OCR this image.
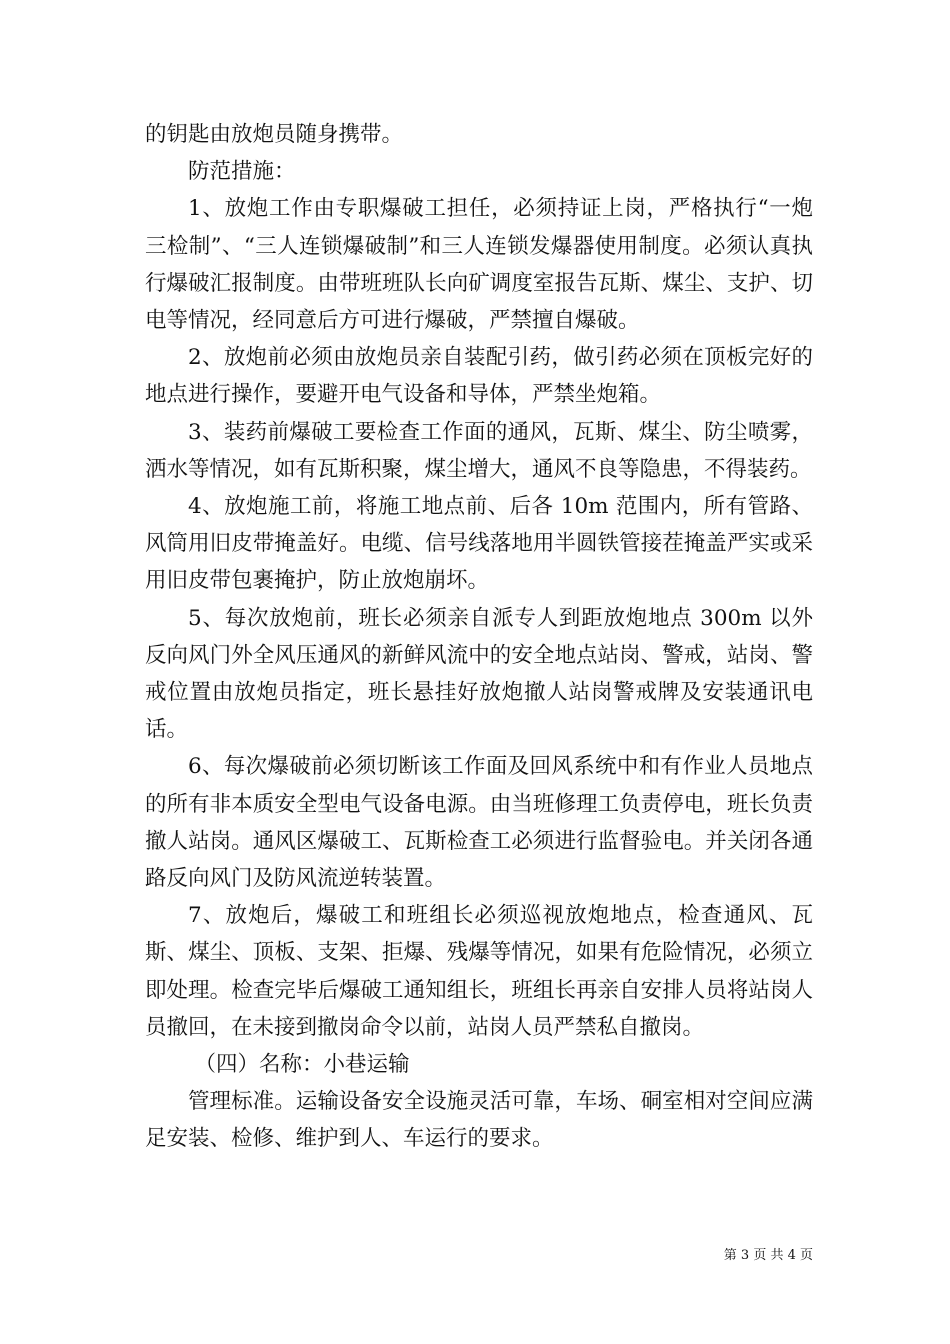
的钥匙由放炮员随身携带。

防范措施：

1、放炮工作由专职爆破工担任，必须持证上岗，严格执行“一炮三检制”、“三人连锁爆破制”和三人连锁发爆器使用制度。必须认真执行爆破汇报制度。由带班班队长向矿调度室报告瓦斯、煤尘、支护、切电等情况，经同意后方可进行爆破，严禁擅自爆破。

2、放炮前必须由放炮员亲自装配引药，做引药必须在顶板完好的地点进行操作，要避开电气设备和导体，严禁坐炮箱。

3、装药前爆破工要检查工作面的通风，瓦斯、煤尘、防尘喷雾，洒水等情况，如有瓦斯积聚，煤尘增大，通风不良等隐患，不得装药。

4、放炮施工前，将施工地点前、后各 10m 范围内，所有管路、风筒用旧皮带掩盖好。电缆、信号线落地用半圆铁管接茬掩盖严实或采用旧皮带包裹掩护，防止放炮崩坏。

5、每次放炮前，班长必须亲自派专人到距放炮地点 300m 以外反向风门外全风压通风的新鲜风流中的安全地点站岗、警戒，站岗、警戒位置由放炮员指定，班长悬挂好放炮撤人站岗警戒牌及安装通讯电话。

6、每次爆破前必须切断该工作面及回风系统中和有作业人员地点的所有非本质安全型电气设备电源。由当班修理工负责停电，班长负责撤人站岗。通风区爆破工、瓦斯检查工必须进行监督验电。并关闭各通路反向风门及防风流逆转装置。

7、放炮后，爆破工和班组长必须巡视放炮地点，检查通风、瓦斯、煤尘、顶板、支架、拒爆、残爆等情况，如果有危险情况，必须立即处理。检查完毕后爆破工通知组长，班组长再亲自安排人员将站岗人员撤回，在未接到撤岗命令以前，站岗人员严禁私自撤岗。

（四）名称：小巷运输

管理标准。运输设备安全设施灵活可靠，车场、硐室相对空间应满足安装、检修、维护到人、车运行的要求。

第 3 页 共 4 页
